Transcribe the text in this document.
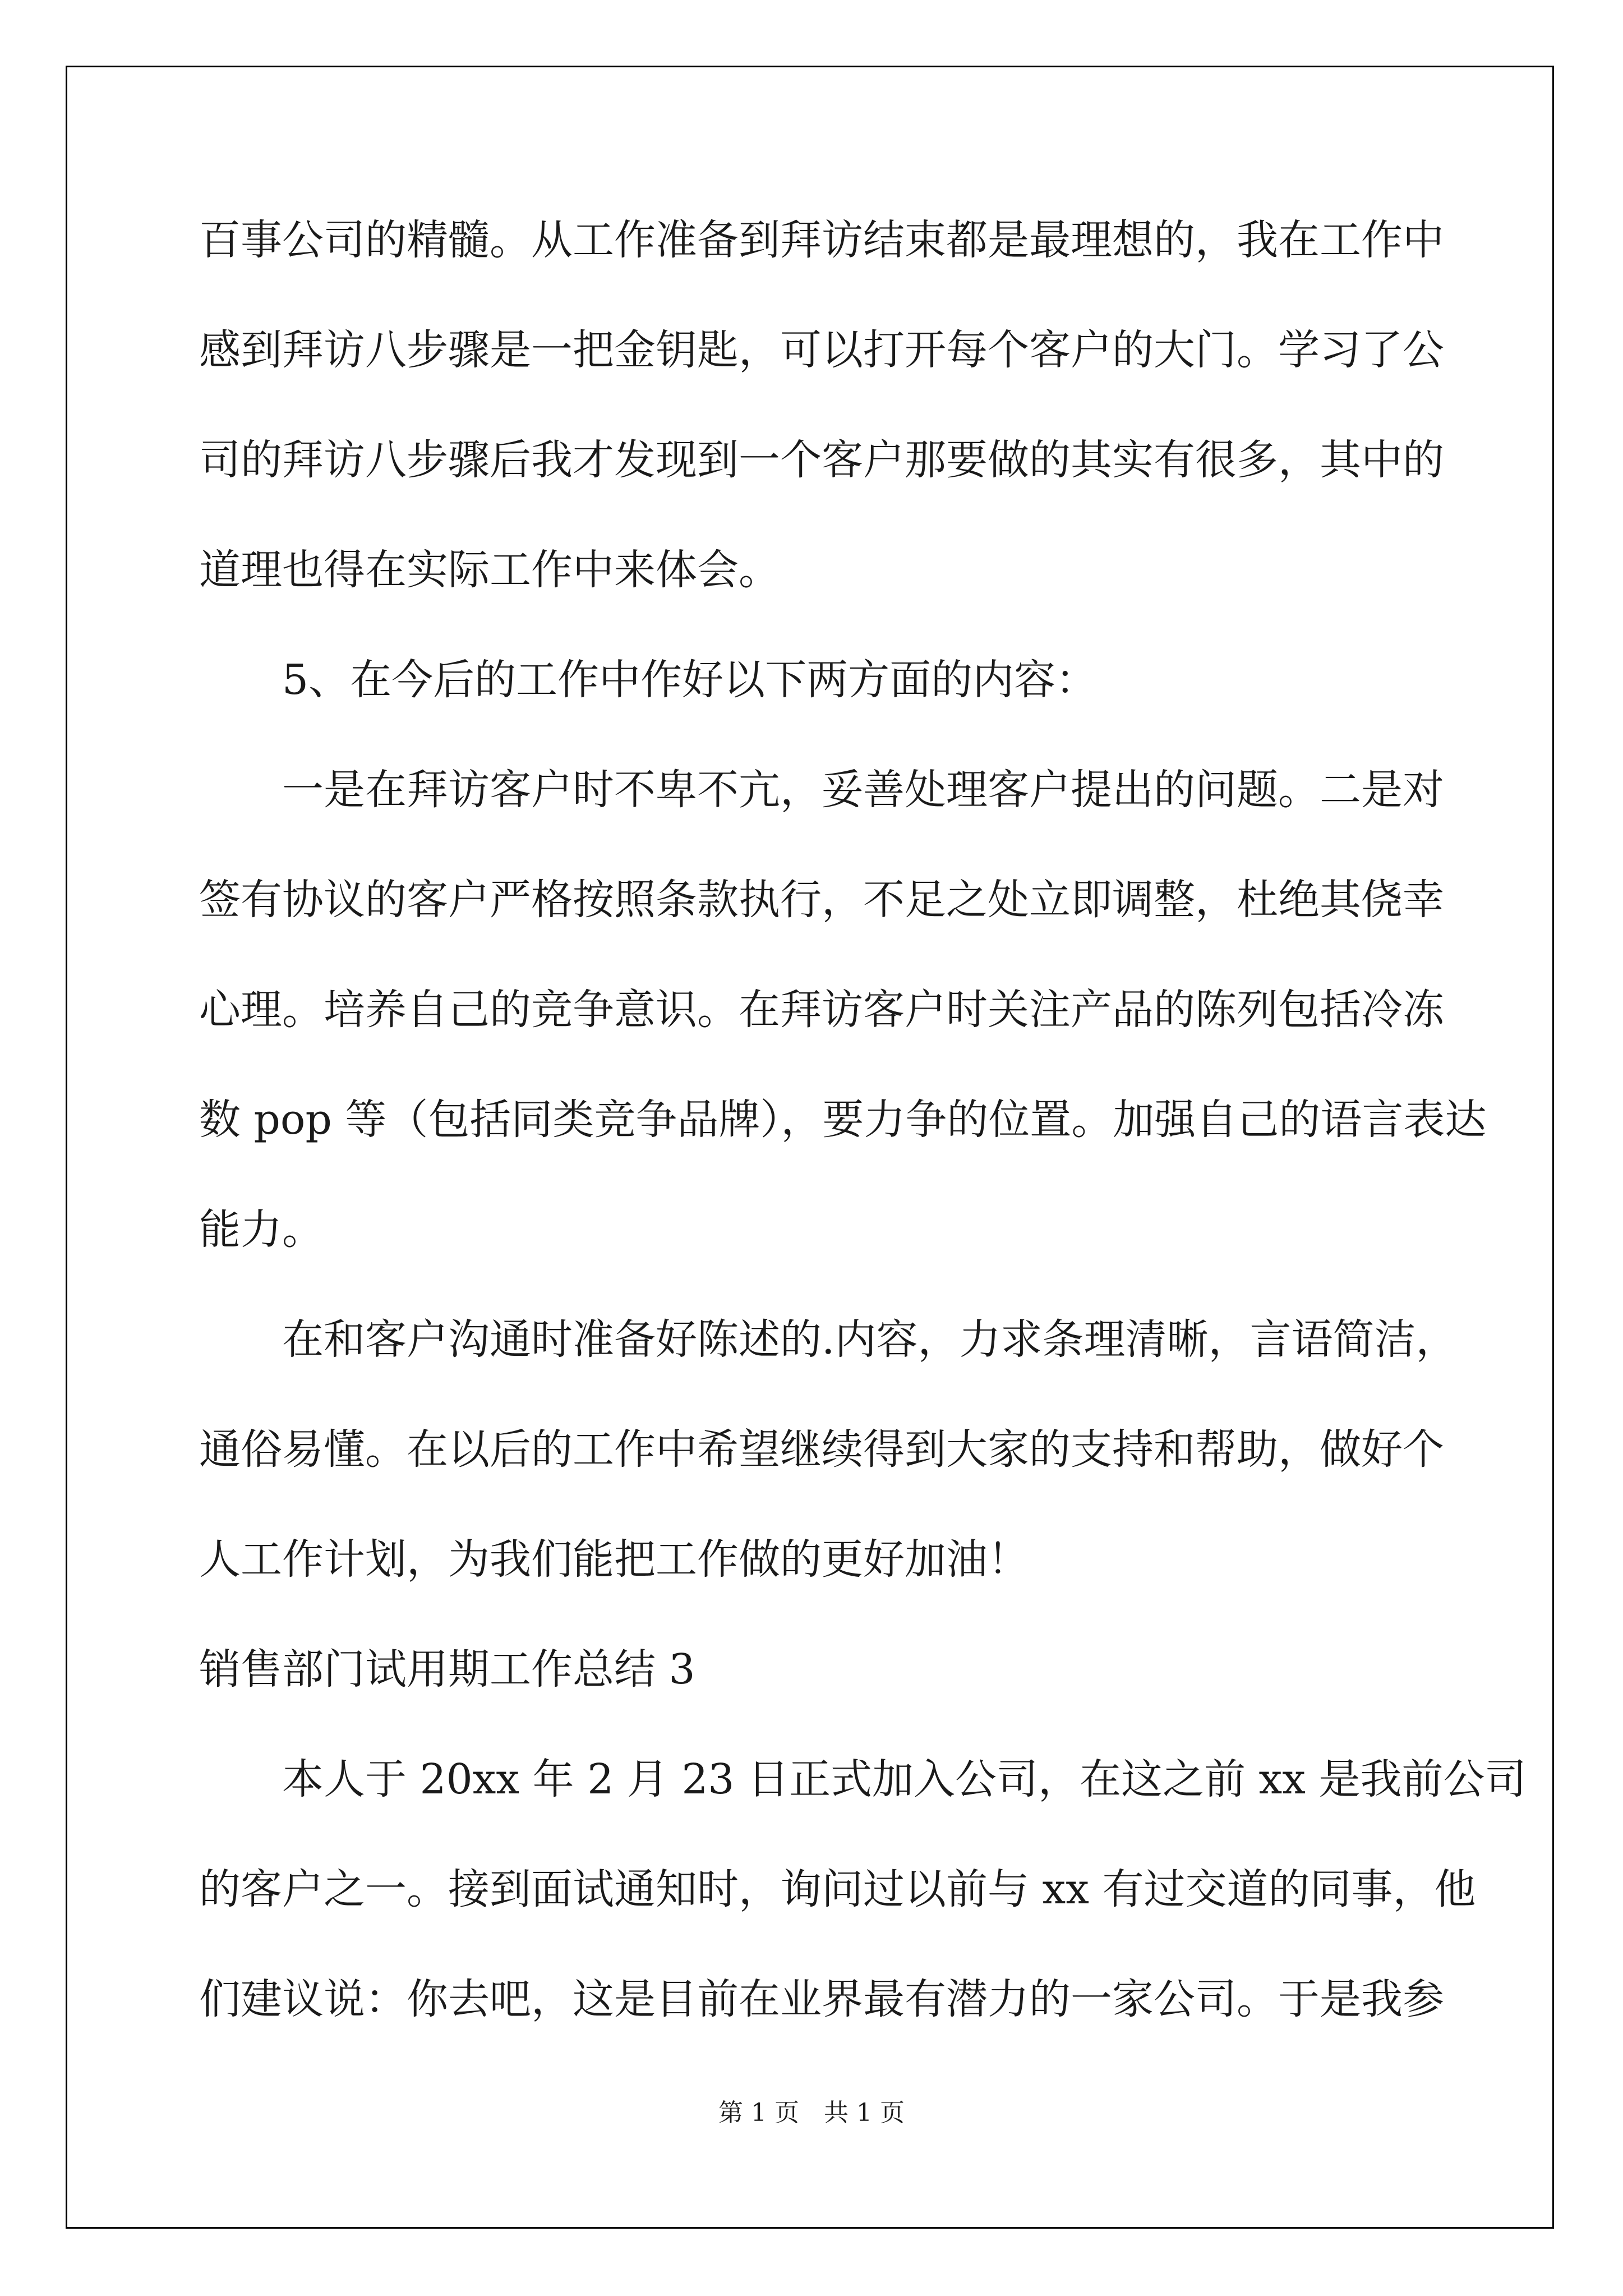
百事公司的精髓。从工作准备到拜访结束都是最理想的，我在工作中
感到拜访八步骤是一把金钥匙，可以打开每个客户的大门。学习了公
司的拜访八步骤后我才发现到一个客户那要做的其实有很多，其中的
道理也得在实际工作中来体会。
5、在今后的工作中作好以下两方面的内容：
一是在拜访客户时不卑不亢，妥善处理客户提出的问题。二是对
签有协议的客户严格按照条款执行，不足之处立即调整，杜绝其侥幸
心理。培养自己的竞争意识。在拜访客户时关注产品的陈列包括冷冻
数 pop 等（包括同类竞争品牌），要力争的位置。加强自己的语言表达
能力。
在和客户沟通时准备好陈述的.内容，力求条理清晰，言语简洁，
通俗易懂。在以后的工作中希望继续得到大家的支持和帮助，做好个
人工作计划，为我们能把工作做的更好加油！
销售部门试用期工作总结 3
本人于 20xx 年 2 月 23 日正式加入公司，在这之前 xx 是我前公司
的客户之一。接到面试通知时，询问过以前与 xx 有过交道的同事，他
们建议说：你去吧，这是目前在业界最有潜力的一家公司。于是我参
第 1 页　共 1 页
